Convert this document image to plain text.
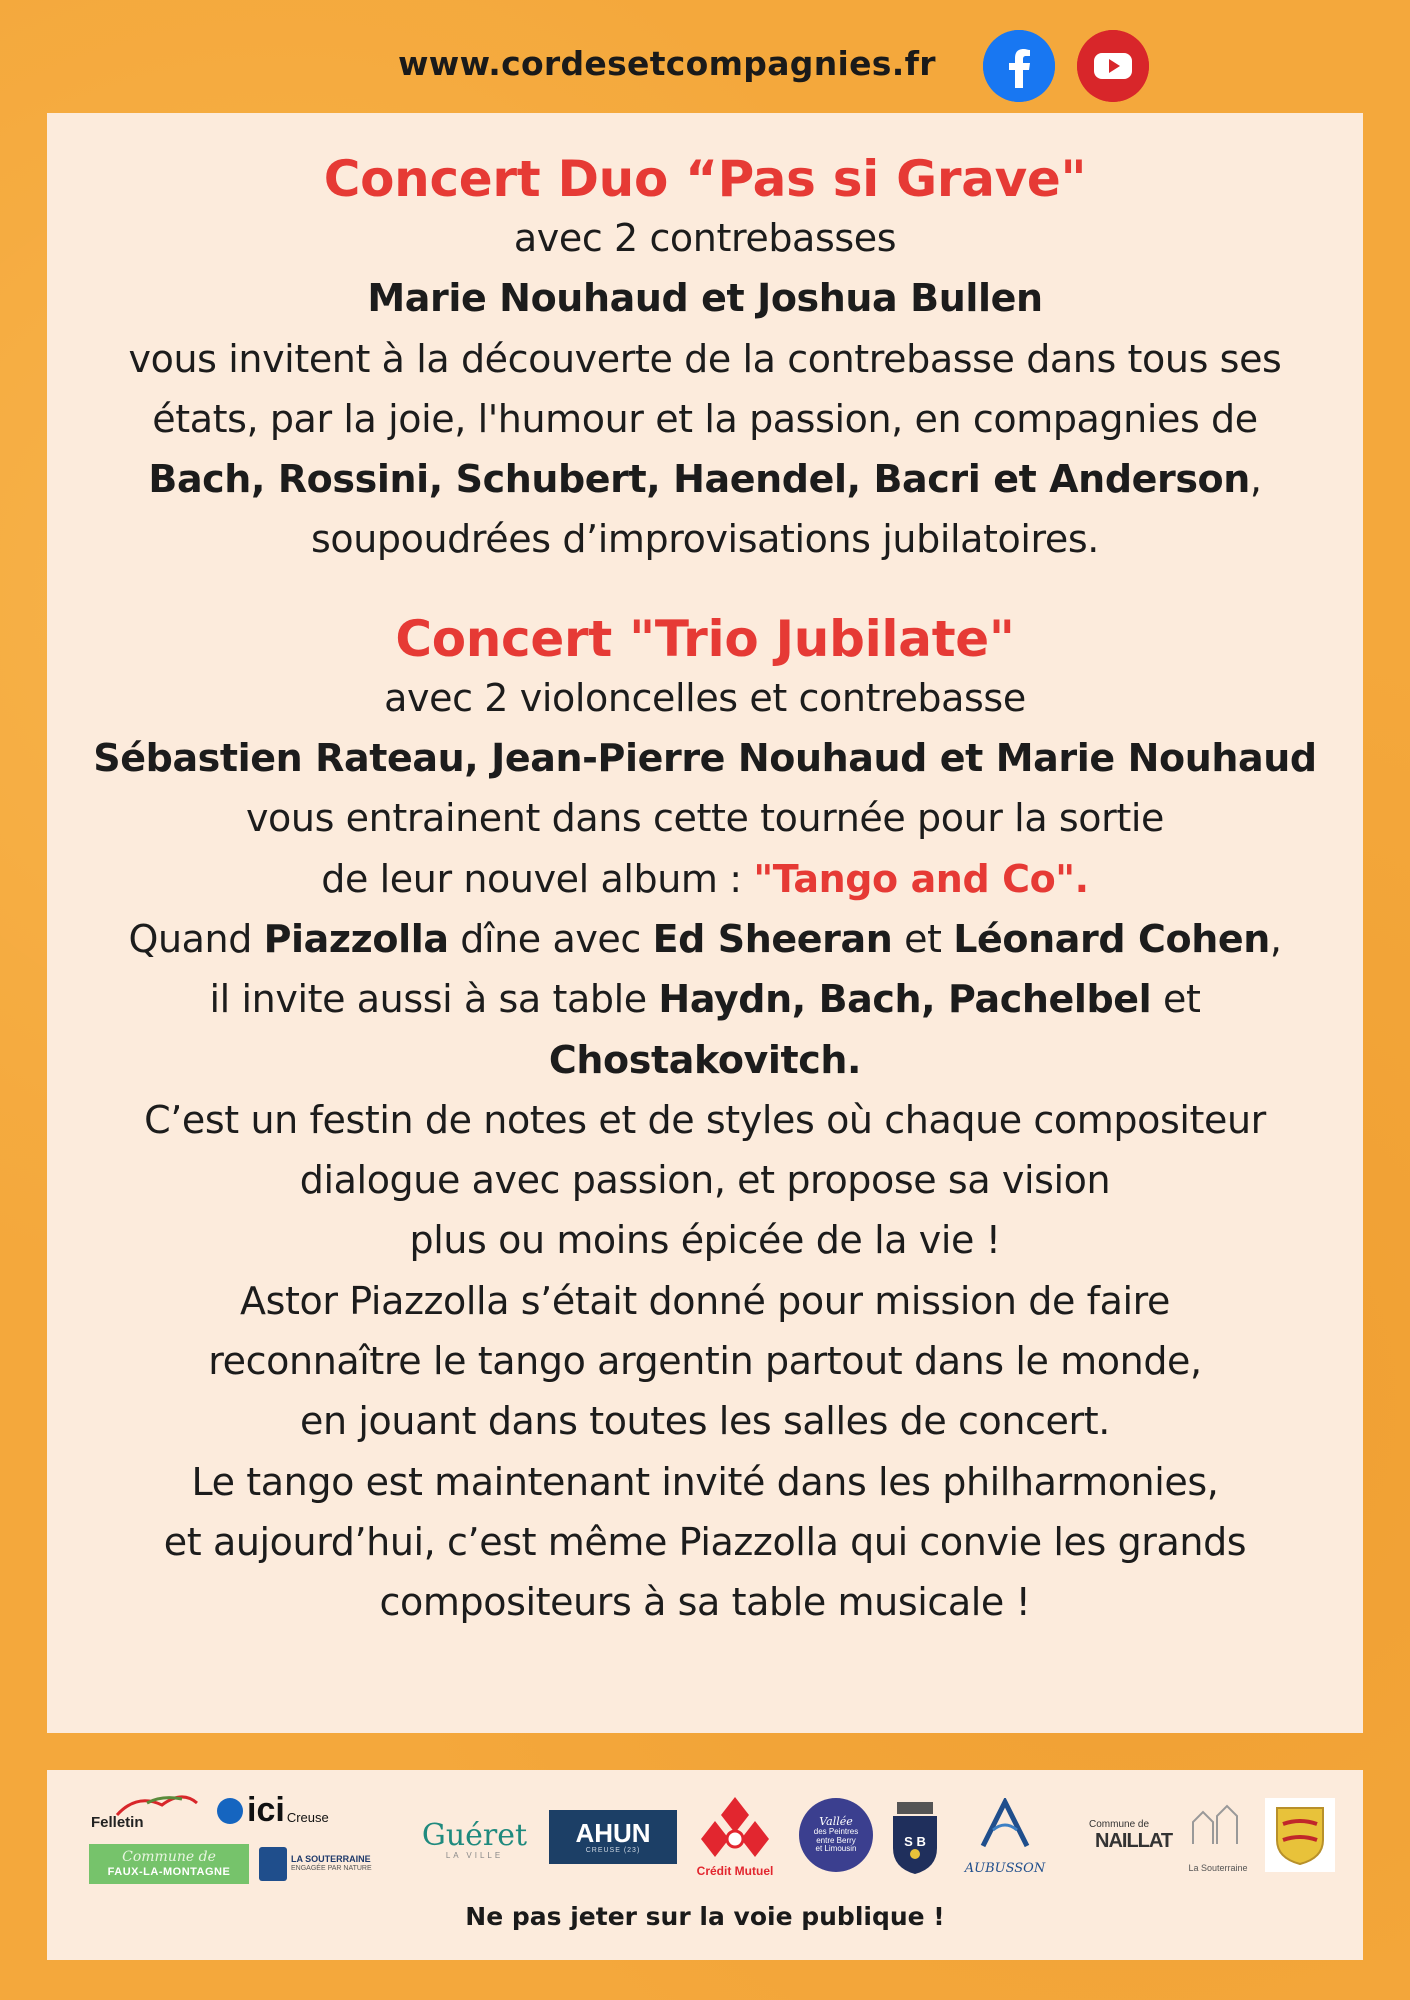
www.cordesetcompagnies.fr
Concert Duo “Pas si Grave"
avec 2 contrebasses
Marie Nouhaud et Joshua Bullen
vous invitent à la découverte de la contrebasse dans tous ses
états, par la joie, l'humour et la passion, en compagnies de
Bach, Rossini, Schubert, Haendel, Bacri et Anderson,
soupoudrées d’improvisations jubilatoires.
Concert "Trio Jubilate"
avec 2 violoncelles et contrebasse
Sébastien Rateau, Jean-Pierre Nouhaud et Marie Nouhaud
vous entrainent dans cette tournée pour la sortie
de leur nouvel album : "Tango and Co".
Quand Piazzolla dîne avec Ed Sheeran et Léonard Cohen,
il invite aussi à sa table Haydn, Bach, Pachelbel et
Chostakovitch.
C’est un festin de notes et de styles où chaque compositeur
dialogue avec passion, et propose sa vision
plus ou moins épicée de la vie !
Astor Piazzolla s’était donné pour mission de faire
reconnaître le tango argentin partout dans le monde,
en jouant dans toutes les salles de concert.
Le tango est maintenant invité dans les philharmonies,
et aujourd’hui, c’est même Piazzolla qui convie les grands
compositeurs à sa table musicale !
Felletin
Commune de
FAUX-LA-MONTAGNE
ici Creuse
LA SOUTERRAINE
ENGAGÉE PAR NATURE
Guéret
LA VILLE
AHUN
CREUSE (23)
Crédit Mutuel
Vallée
des Peintres
entre Berry
et Limousin
S B
AUBUSSON
Commune de
NAILLAT
La Souterraine
Ne pas jeter sur la voie publique !
